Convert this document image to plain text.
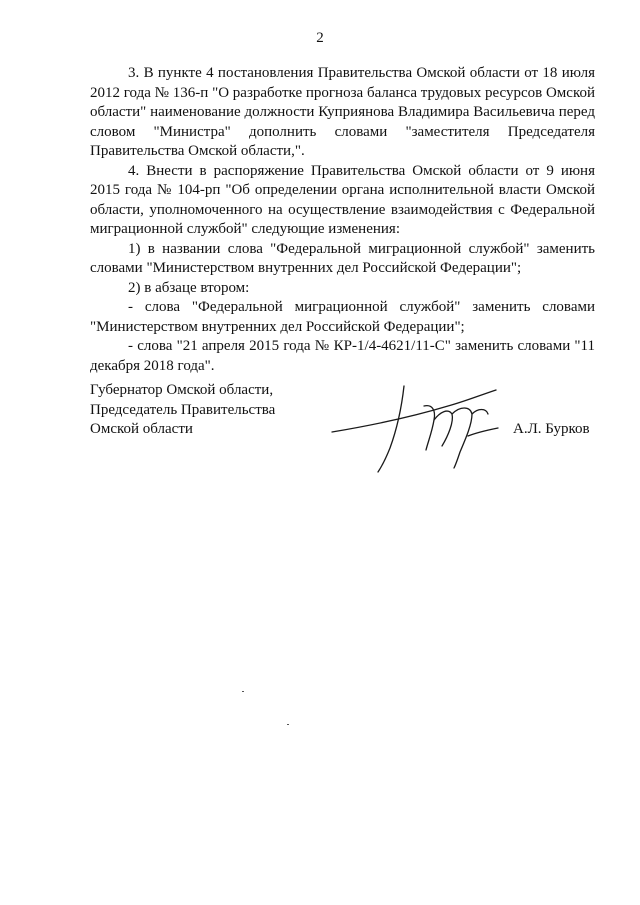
2

3. В пункте 4 постановления Правительства Омской области от 18 июля 2012 года № 136-п "О разработке прогноза баланса трудовых ресурсов Омской области" наименование должности Куприянова Владимира Васильевича перед словом "Министра" дополнить словами "заместителя Председателя Правительства Омской области,".

4. Внести в распоряжение Правительства Омской области от 9 июня 2015 года № 104-рп "Об определении органа исполнительной власти Омской области, уполномоченного на осуществление взаимодействия с Федеральной миграционной службой" следующие изменения:

1) в названии слова "Федеральной миграционной службой" заменить словами "Министерством внутренних дел Российской Федерации";

2) в абзаце втором:

- слова "Федеральной миграционной службой" заменить словами "Министерством внутренних дел Российской Федерации";

- слова "21 апреля 2015 года № КР-1/4-4621/11-С" заменить словами "11 декабря 2018 года".

Губернатор Омской области,
Председатель Правительства
Омской области	А.Л. Бурков
